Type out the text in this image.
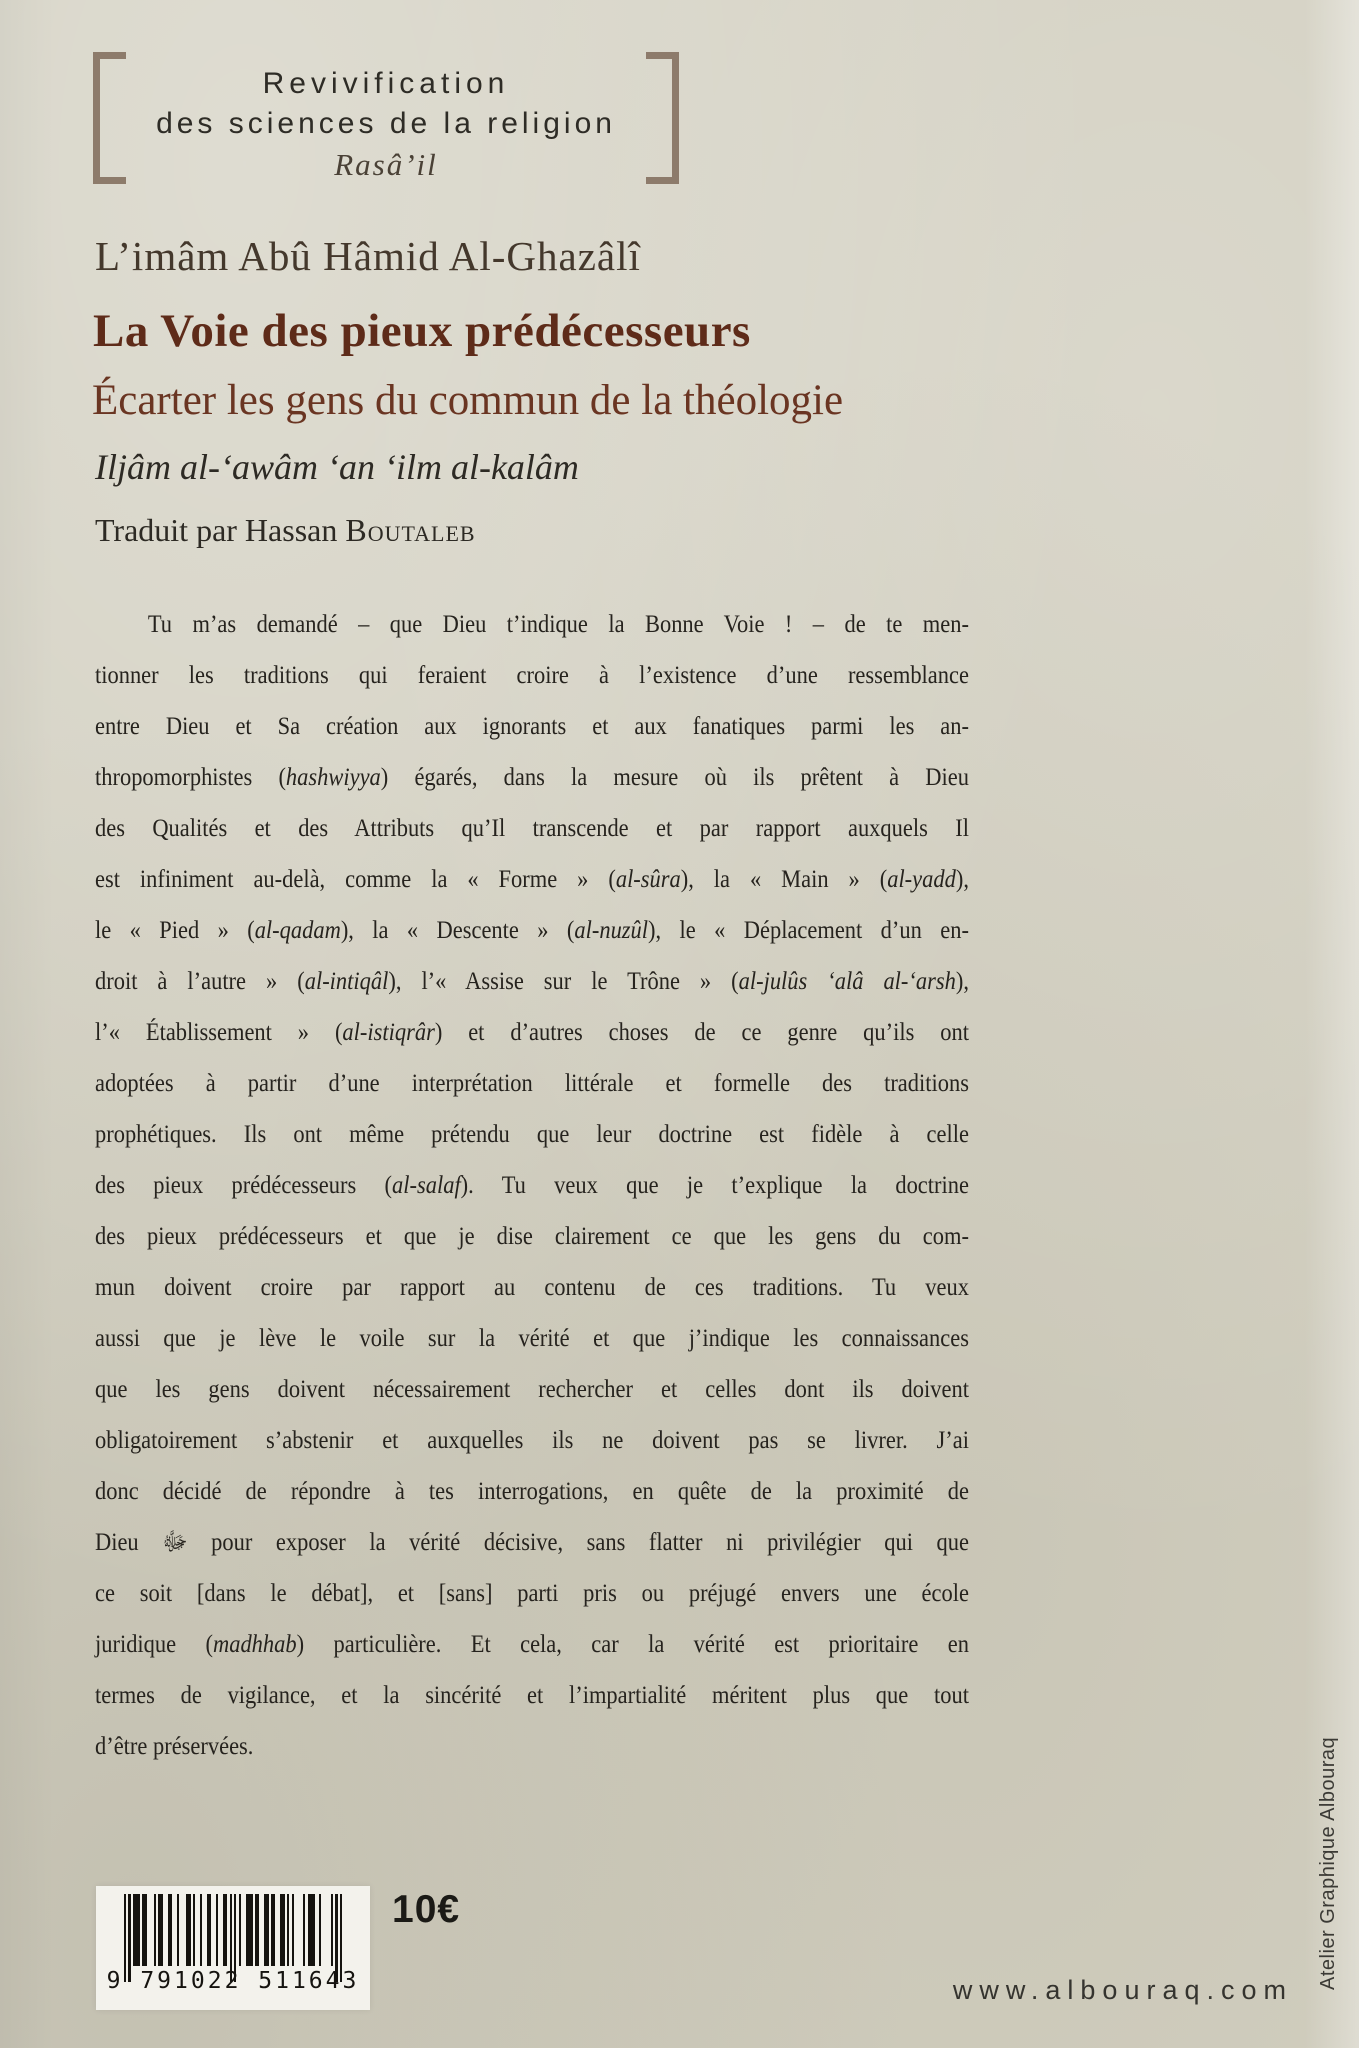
Revivification
des sciences de la religion
Rasâ’il
L’imâm Abû Hâmid Al-Ghazâlî
La Voie des pieux prédécesseurs
Écarter les gens du commun de la théologie
Iljâm al-‘awâm ‘an ‘ilm al-kalâm
Traduit par Hassan Boutaleb
Tu m’as demandé – que Dieu t’indique la Bonne Voie ! – de te men-
tionner les traditions qui feraient croire à l’existence d’une ressemblance
entre Dieu et Sa création aux ignorants et aux fanatiques parmi les an-
thropomorphistes (hashwiyya) égarés, dans la mesure où ils prêtent à Dieu
des Qualités et des Attributs qu’Il transcende et par rapport auxquels Il
est infiniment au-delà, comme la « Forme » (al-sûra), la « Main » (al-yadd),
le « Pied » (al-qadam), la « Descente » (al-nuzûl), le « Déplacement d’un en-
droit à l’autre » (al-intiqâl), l’« Assise sur le Trône » (al-julûs ‘alâ al-‘arsh),
l’« Établissement » (al-istiqrâr) et d’autres choses de ce genre qu’ils ont
adoptées à partir d’une interprétation littérale et formelle des traditions
prophétiques. Ils ont même prétendu que leur doctrine est fidèle à celle
des pieux prédécesseurs (al-salaf). Tu veux que je t’explique la doctrine
des pieux prédécesseurs et que je dise clairement ce que les gens du com-
mun doivent croire par rapport au contenu de ces traditions. Tu veux
aussi que je lève le voile sur la vérité et que j’indique les connaissances
que les gens doivent nécessairement rechercher et celles dont ils doivent
obligatoirement s’abstenir et auxquelles ils ne doivent pas se livrer. J’ai
donc décidé de répondre à tes interrogations, en quête de la proximité de
Dieu ﷻ pour exposer la vérité décisive, sans flatter ni privilégier qui que
ce soit [dans le débat], et [sans] parti pris ou préjugé envers une école
juridique (madhhab) particulière. Et cela, car la vérité est prioritaire en
termes de vigilance, et la sincérité et l’impartialité méritent plus que tout
d’être préservées.
9 791022 511643
10€
www.albouraq.com Atelier Graphique Albouraq
